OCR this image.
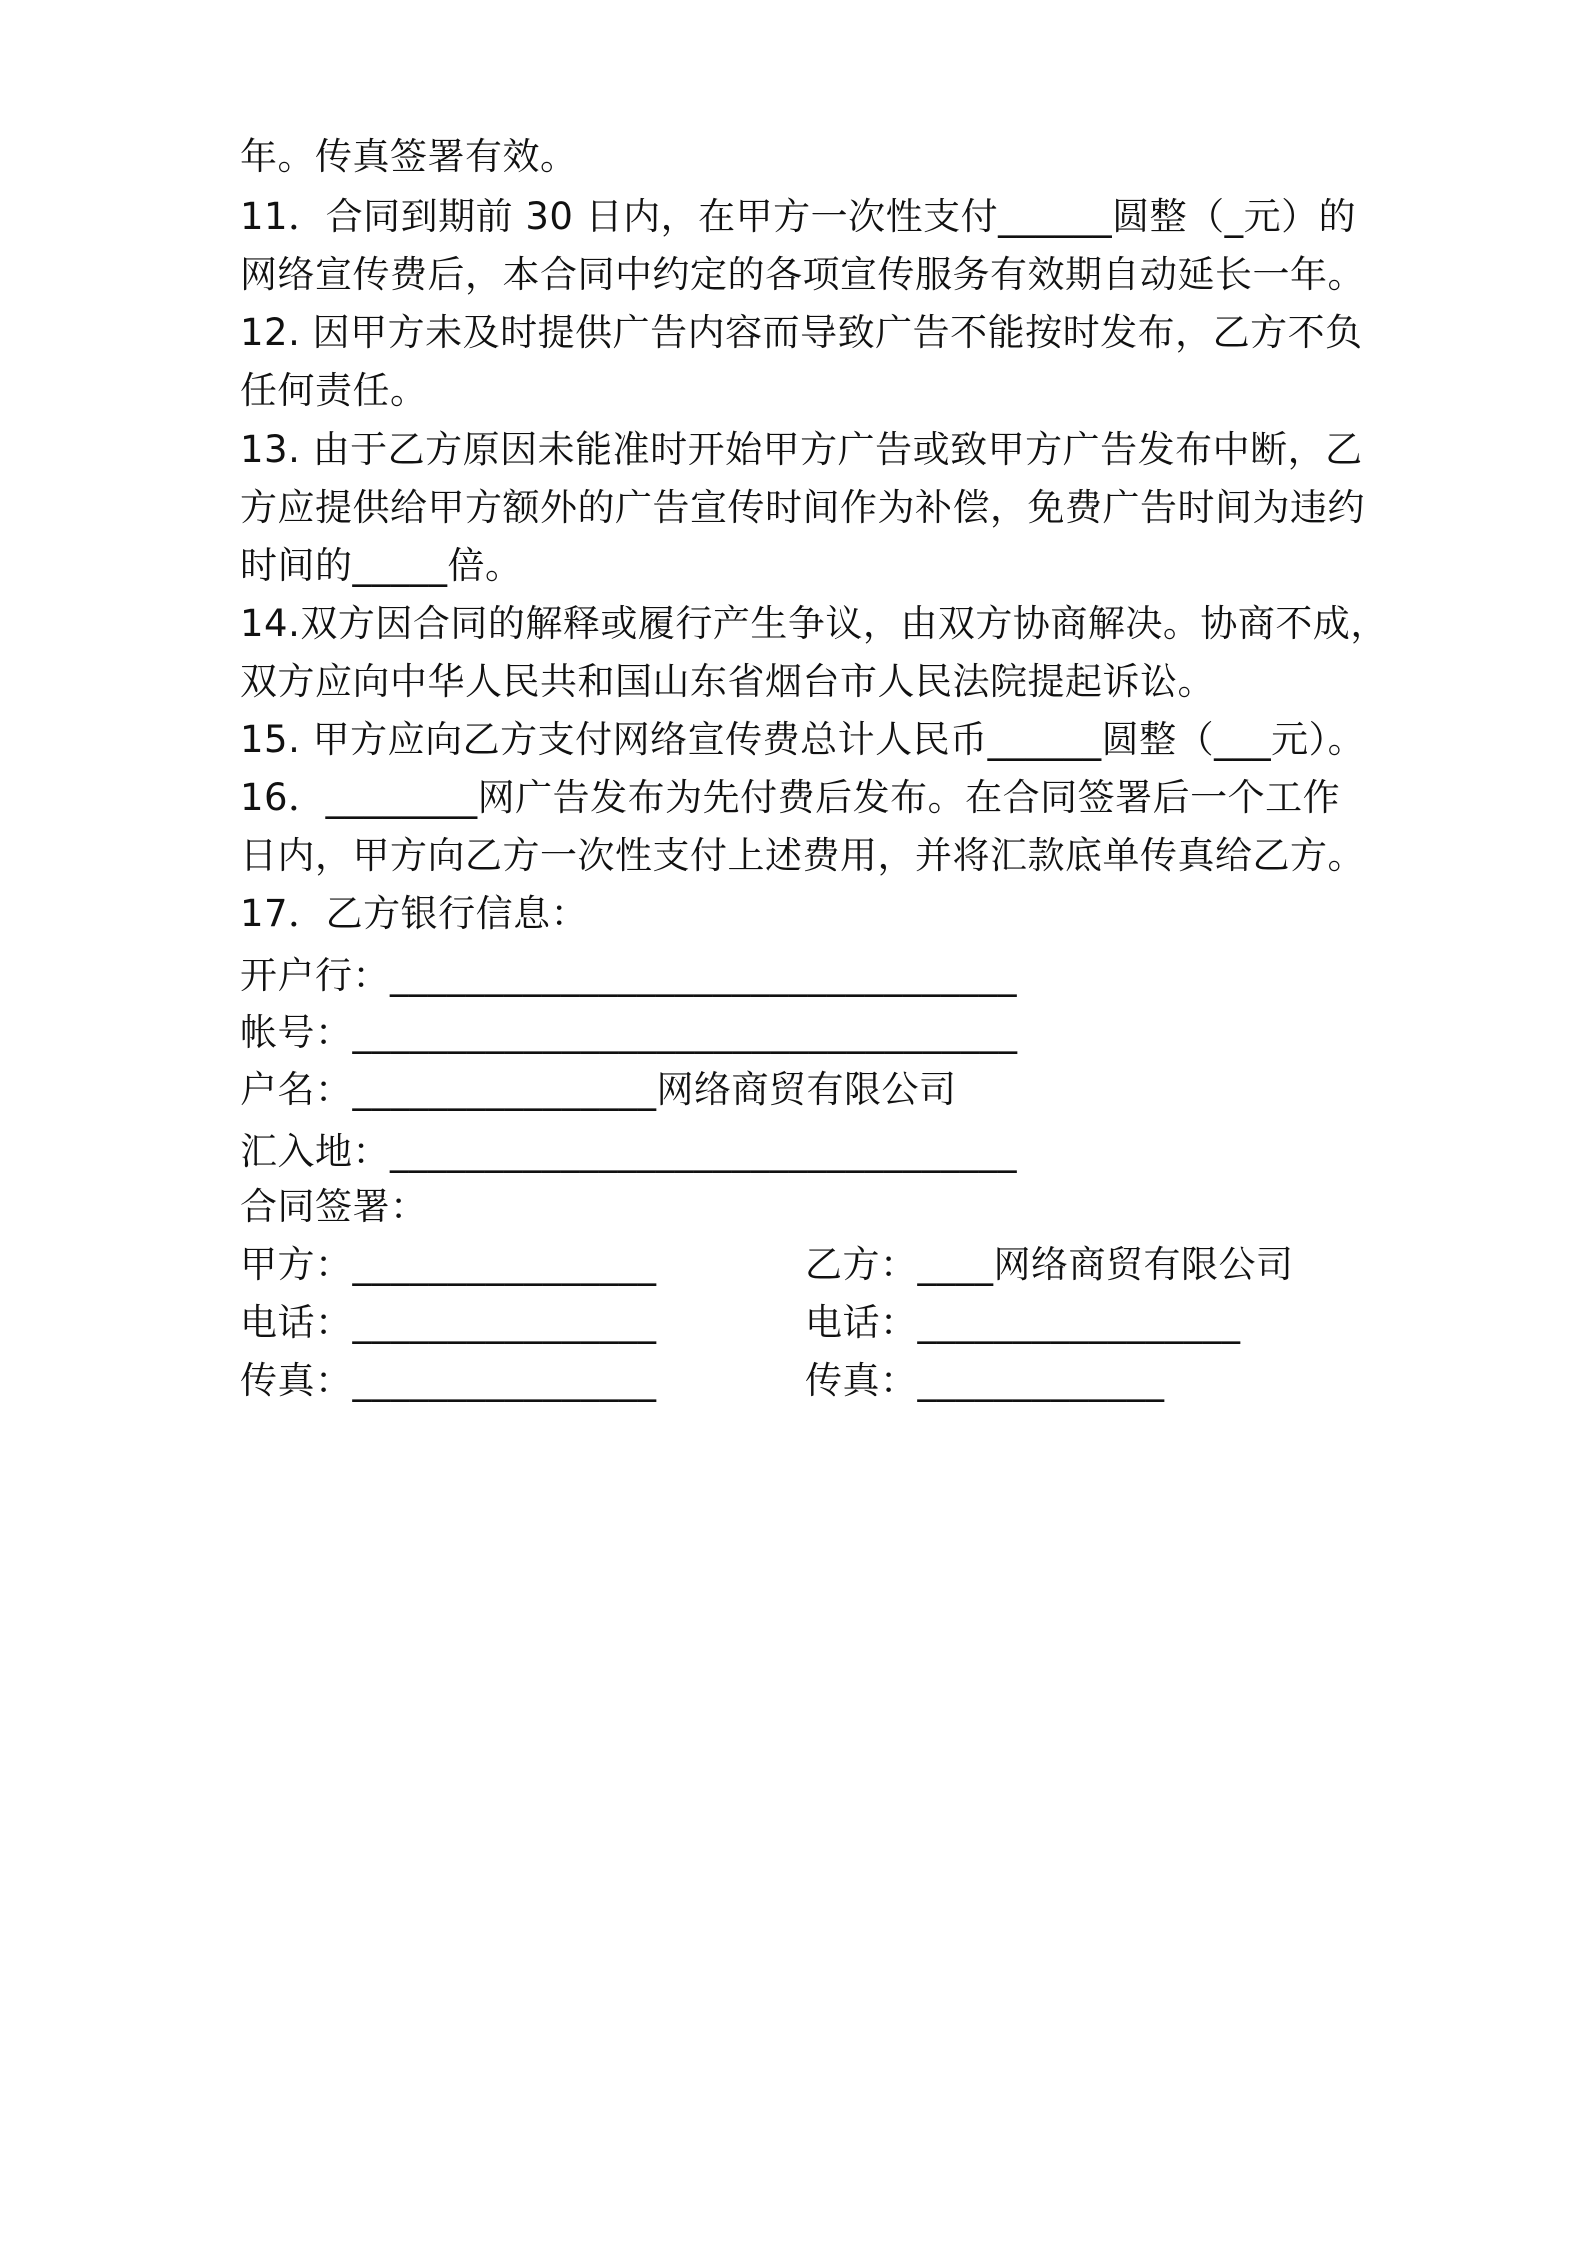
年。传真签署有效。
11．合同到期前 30 日内，在甲方一次性支付______圆整（_元）的
网络宣传费后，本合同中约定的各项宣传服务有效期自动延长一年。
12. 因甲方未及时提供广告内容而导致广告不能按时发布，乙方不负
任何责任。
13. 由于乙方原因未能准时开始甲方广告或致甲方广告发布中断，乙
方应提供给甲方额外的广告宣传时间作为补偿，免费广告时间为违约
时间的_____倍。
14.双方因合同的解释或履行产生争议，由双方协商解决。协商不成，
双方应向中华人民共和国山东省烟台市人民法院提起诉讼。
15. 甲方应向乙方支付网络宣传费总计人民币______圆整（___元）。
16．________网广告发布为先付费后发布。在合同签署后一个工作
日内，甲方向乙方一次性支付上述费用，并将汇款底单传真给乙方。
17．乙方银行信息：
开户行：_________________________________
帐号：___________________________________
户名：________________网络商贸有限公司
汇入地：_________________________________
合同签署：
甲方：________________	乙方：____网络商贸有限公司
电话：________________	电话：_________________
传真：________________	传真：_____________
